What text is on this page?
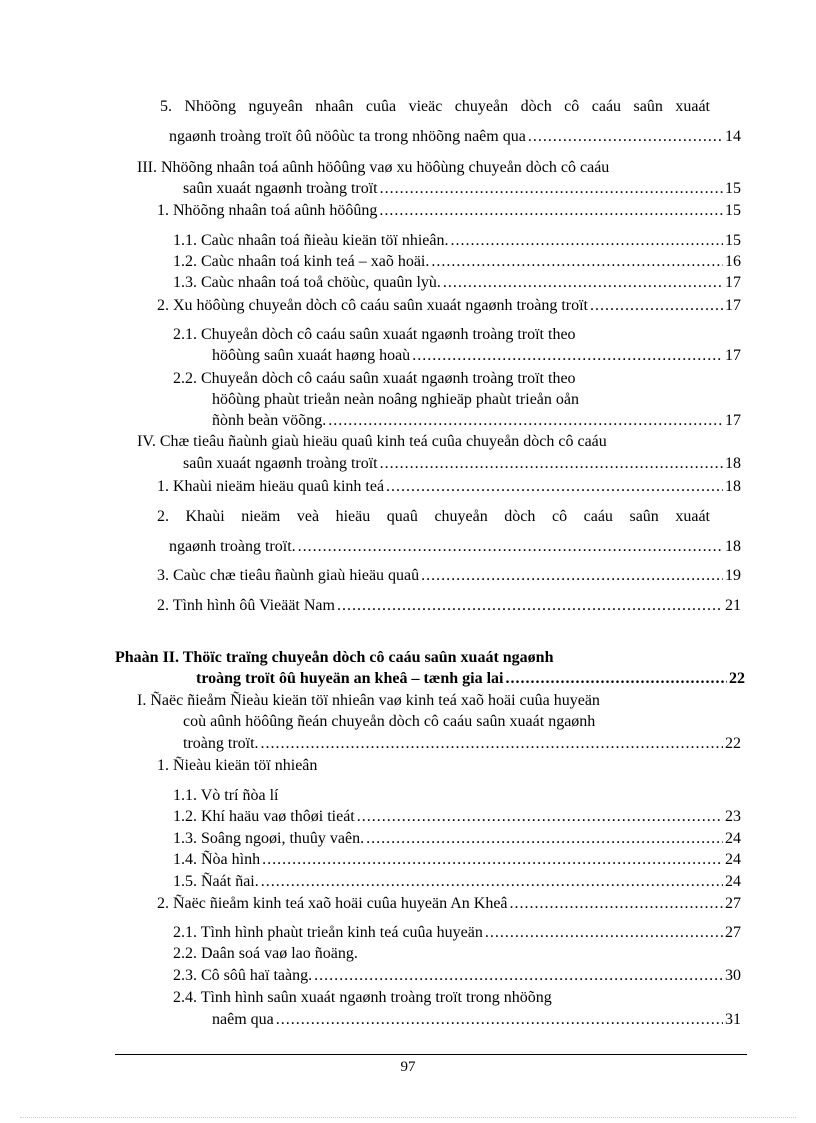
5. Nhöõng nguyeân nhaân cuûa vieäc chuyeån dòch cô caáu saûn xuaát
ngaønh troàng troït ôû nöôùc ta trong nhöõng naêm qua .....	14
III. Nhöõng nhaân toá aûnh höôûng vaø xu höôùng chuyeån dòch cô caáu
saûn xuaát ngaønh troàng troït .....	15
1. Nhöõng nhaân toá aûnh höôûng .....	15
1.1. Caùc nhaân toá ñieàu kieän töï nhieân. .....	15
1.2. Caùc nhaân toá kinh teá – xaõ hoäi. .....	16
1.3. Caùc nhaân toá toå chöùc, quaûn lyù. .....	17
2. Xu höôùng chuyeån dòch cô caáu saûn xuaát ngaønh troàng troït .....	17
2.1. Chuyeån dòch cô caáu saûn xuaát ngaønh troàng troït theo
höôùng saûn xuaát haøng hoaù .....	17
2.2. Chuyeån dòch cô caáu saûn xuaát ngaønh troàng troït theo
höôùng phaùt trieån neàn noâng nghieäp phaùt trieån oån
ñònh beàn vöõng. .....	17
IV. Chæ tieâu ñaùnh giaù hieäu quaû kinh teá cuûa chuyeån dòch cô caáu
saûn xuaát ngaønh troàng troït .....	18
1. Khaùi nieäm hieäu quaû kinh teá .....	18
2. Khaùi nieäm veà hieäu quaû chuyeån dòch cô caáu saûn xuaát
ngaønh troàng troït. .....	18
3. Caùc chæ tieâu ñaùnh giaù hieäu quaû .....	19
2. Tình hình ôû Vieäät Nam .....	21
Phaàn II. Thöïc traïng chuyeån dòch cô caáu saûn xuaát ngaønh
troàng troït ôû huyeän an kheâ – tænh gia lai .....	22
I. Ñaëc ñieåm Ñieàu kieän töï nhieân vaø kinh teá xaõ hoäi cuûa huyeän
coù aûnh höôûng ñeán chuyeån dòch cô caáu saûn xuaát ngaønh
troàng troït. .....	22
1. Ñieàu kieän töï nhieân
1.1. Vò trí ñòa lí
1.2. Khí haäu vaø thôøi tieát .....	23
1.3. Soâng ngoøi, thuûy vaên. .....	24
1.4. Ñòa hình .....	24
1.5. Ñaát ñai. .....	24
2. Ñaëc ñieåm kinh teá xaõ hoäi cuûa huyeän An Kheâ .....	27
2.1. Tình hình phaùt trieån kinh teá cuûa huyeän .....	27
2.2. Daân soá vaø lao ñoäng.
2.3. Cô sôû haï taàng. .....	30
2.4. Tình hình saûn xuaát ngaønh troàng troït trong nhöõng
naêm qua .....	31
97
